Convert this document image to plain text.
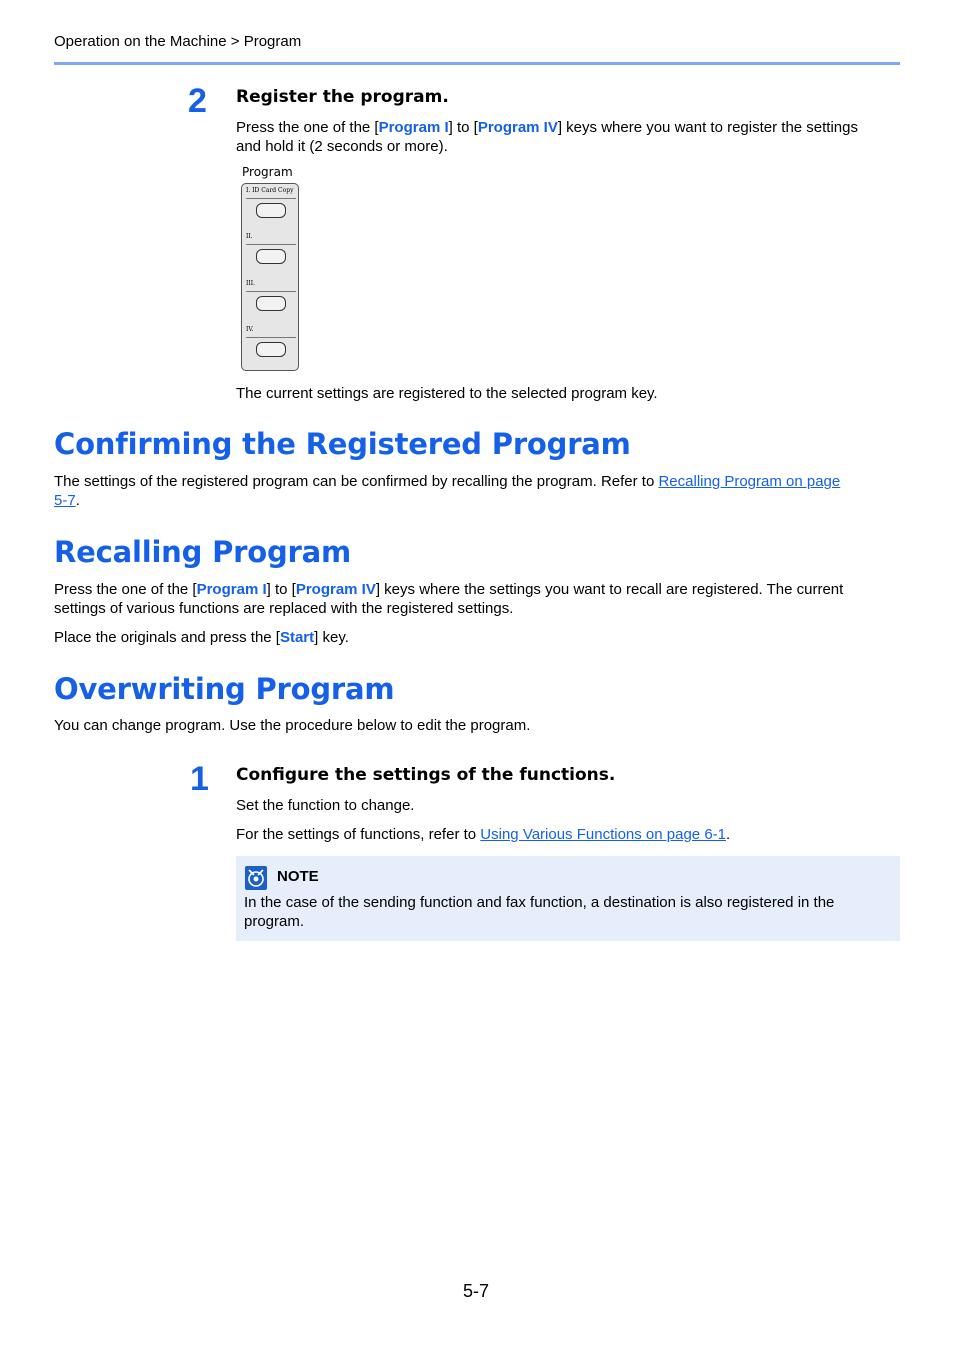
Operation on the Machine > Program
2 Register the program.
Press the one of the [Program I] to [Program IV] keys where you want to register the settings
and hold it (2 seconds or more).
Program
I. ID Card Copy
II.
III.
IV.
The current settings are registered to the selected program key.
Confirming the Registered Program
The settings of the registered program can be confirmed by recalling the program. Refer to Recalling Program on page
5-7.
Recalling Program
Press the one of the [Program I] to [Program IV] keys where the settings you want to recall are registered. The current
settings of various functions are replaced with the registered settings.
Place the originals and press the [Start] key.
Overwriting Program
You can change program. Use the procedure below to edit the program.
1 Configure the settings of the functions.
Set the function to change.
For the settings of functions, refer to Using Various Functions on page 6-1.
NOTE
In the case of the sending function and fax function, a destination is also registered in the
program.
5-7
